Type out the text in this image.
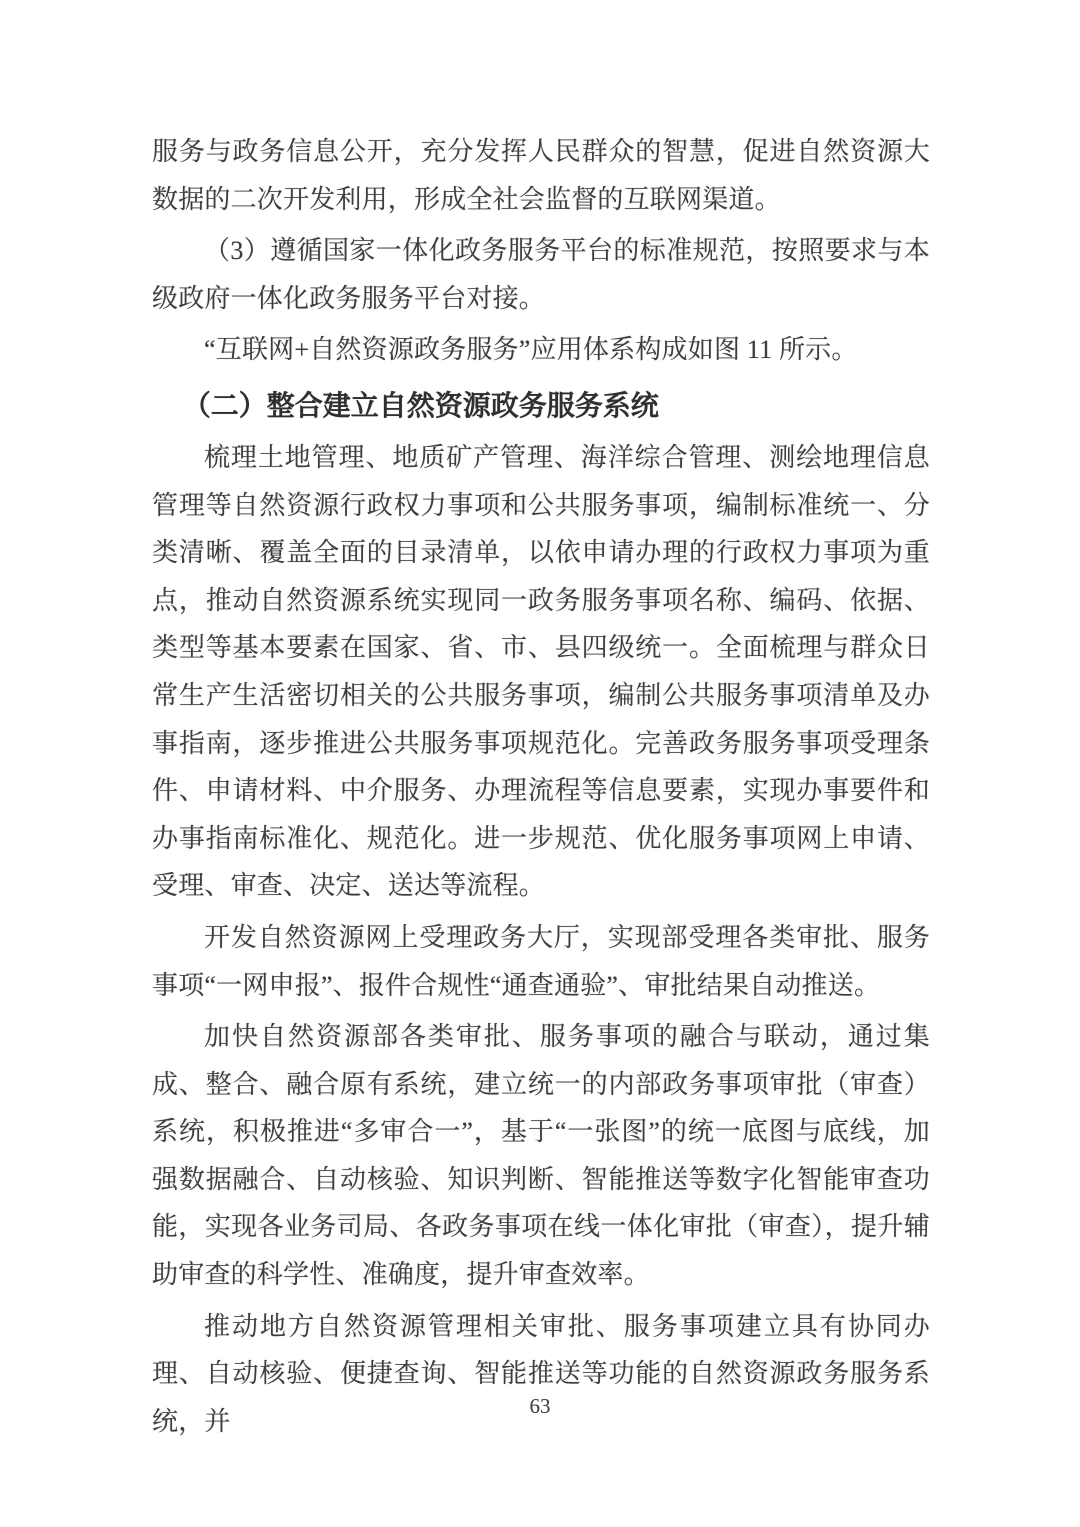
服务与政务信息公开，充分发挥人民群众的智慧，促进自然资源大数据的二次开发利用，形成全社会监督的互联网渠道。

（3）遵循国家一体化政务服务平台的标准规范，按照要求与本级政府一体化政务服务平台对接。

“互联网+自然资源政务服务”应用体系构成如图 11 所示。

（二）整合建立自然资源政务服务系统

梳理土地管理、地质矿产管理、海洋综合管理、测绘地理信息管理等自然资源行政权力事项和公共服务事项，编制标准统一、分类清晰、覆盖全面的目录清单，以依申请办理的行政权力事项为重点，推动自然资源系统实现同一政务服务事项名称、编码、依据、类型等基本要素在国家、省、市、县四级统一。全面梳理与群众日常生产生活密切相关的公共服务事项，编制公共服务事项清单及办事指南，逐步推进公共服务事项规范化。完善政务服务事项受理条件、申请材料、中介服务、办理流程等信息要素，实现办事要件和办事指南标准化、规范化。进一步规范、优化服务事项网上申请、受理、审查、决定、送达等流程。

开发自然资源网上受理政务大厅，实现部受理各类审批、服务事项“一网申报”、报件合规性“通查通验”、审批结果自动推送。

加快自然资源部各类审批、服务事项的融合与联动，通过集成、整合、融合原有系统，建立统一的内部政务事项审批（审查）系统，积极推进“多审合一”，基于“一张图”的统一底图与底线，加强数据融合、自动核验、知识判断、智能推送等数字化智能审查功能，实现各业务司局、各政务事项在线一体化审批（审查），提升辅助审查的科学性、准确度，提升审查效率。

推动地方自然资源管理相关审批、服务事项建立具有协同办理、自动核验、便捷查询、智能推送等功能的自然资源政务服务系统，并

63
